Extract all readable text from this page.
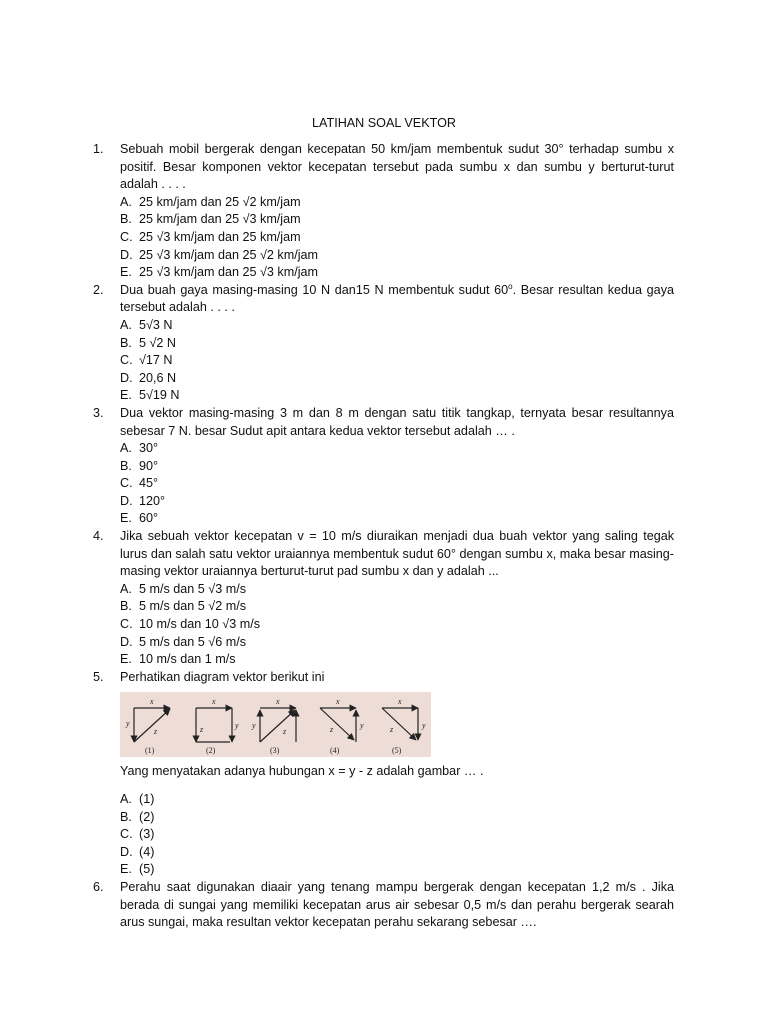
LATIHAN SOAL VEKTOR
1. Sebuah mobil bergerak dengan kecepatan 50 km/jam membentuk sudut 30° terhadap sumbu x positif. Besar komponen vektor kecepatan tersebut pada sumbu x dan sumbu y berturut-turut adalah . . . .
A. 25 km/jam dan 25 √2 km/jam
B. 25 km/jam dan 25 √3 km/jam
C. 25 √3 km/jam dan 25 km/jam
D. 25 √3 km/jam dan 25 √2 km/jam
E. 25 √3 km/jam dan 25 √3 km/jam
2. Dua buah gaya masing-masing 10 N dan15 N membentuk sudut 60$^o$. Besar resultan kedua gaya tersebut adalah . . . .
A. 5√3 N
B. 5 √2 N
C. √17 N
D. 20,6 N
E. 5√19 N
3. Dua vektor masing-masing 3 m dan 8 m dengan satu titik tangkap, ternyata besar resultannya sebesar 7 N. besar Sudut apit antara kedua vektor tersebut adalah … .
A. 30°
B. 90°
C. 45°
D. 120°
E. 60°
4. Jika sebuah vektor kecepatan v = 10 m/s diuraikan menjadi dua buah vektor yang saling tegak lurus dan salah satu vektor uraiannya membentuk sudut 60° dengan sumbu x, maka besar masing-masing vektor uraiannya berturut-turut pad sumbu x dan y adalah ...
A. 5 m/s dan 5 √3 m/s
B. 5 m/s dan 5 √2 m/s
C. 10 m/s dan 10 √3 m/s
D. 5 m/s dan 5 √6 m/s
E. 10 m/s dan 1 m/s
5. Perhatikan diagram vektor berikut ini
x
y
z
(1)
x
y
z
(2)
x
y
z
(3)
x
y
z
(4)
x
y
z
(5)
Yang menyatakan adanya hubungan x = y - z adalah gambar … .
A. (1)
B. (2)
C. (3)
D. (4)
E. (5)
6. Perahu saat digunakan diaair yang tenang mampu bergerak dengan kecepatan 1,2 m/s . Jika berada di sungai yang memiliki kecepatan arus air sebesar 0,5 m/s dan perahu bergerak searah arus sungai, maka resultan vektor kecepatan perahu sekarang sebesar ….
